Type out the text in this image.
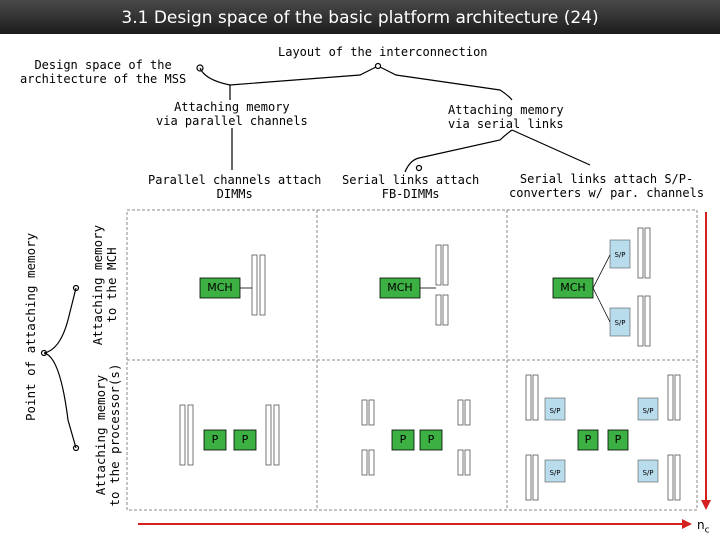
3.1 Design space of the basic platform architecture (24)
Design space of the
architecture of the MSS
Layout of the interconnection
Attaching memory
via parallel channels
Attaching memory
via serial links
Parallel channels attach
DIMMs
Serial links attach
FB-DIMMs
Serial links attach S/P-
converters w/ par. channels
Point of attaching memory	Attaching memory to the MCH
Attaching memory to the processor(s)
MCH	MCH	MCH
P	P	P	P	P	P
S/P
S/P
S/P
S/P
S/P
S/P
$n_c$
